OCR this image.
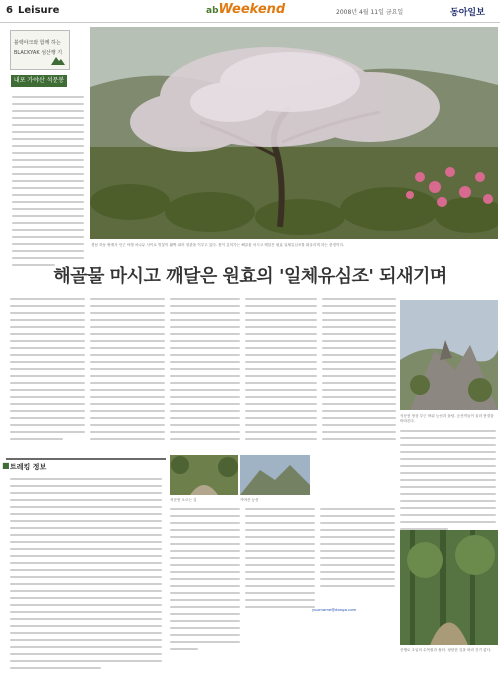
6 Leisure	abWeekend	2008년 4월 11일 금요일	동아일보
블랙야크와 함께 하는
BLACKYAK 섬산행 기
내포 가야산 석문봉
경남 하동 쌍계사 인근 야생 차나무 사이로 벚꽃이 활짝 피어 장관을 이루고 있다. 봄이 깊어가는 해골물 마시고 깨달은 원효 일체유심조를 떠올리게 하는 풍경이다.
해골물 마시고 깨달은 원효의 '일체유심조' 되새기며
석문봉 정상 부근 바위 능선과 돌탑. 등산객들이 올라 풍경을 바라본다.
■ 트레킹 정보
석문봉 오르는 길	가야산 능선
yourname@donga.com
산행로 초입의 수목원과 쉼터. 평탄한 길을 따라 걷기 좋다.
